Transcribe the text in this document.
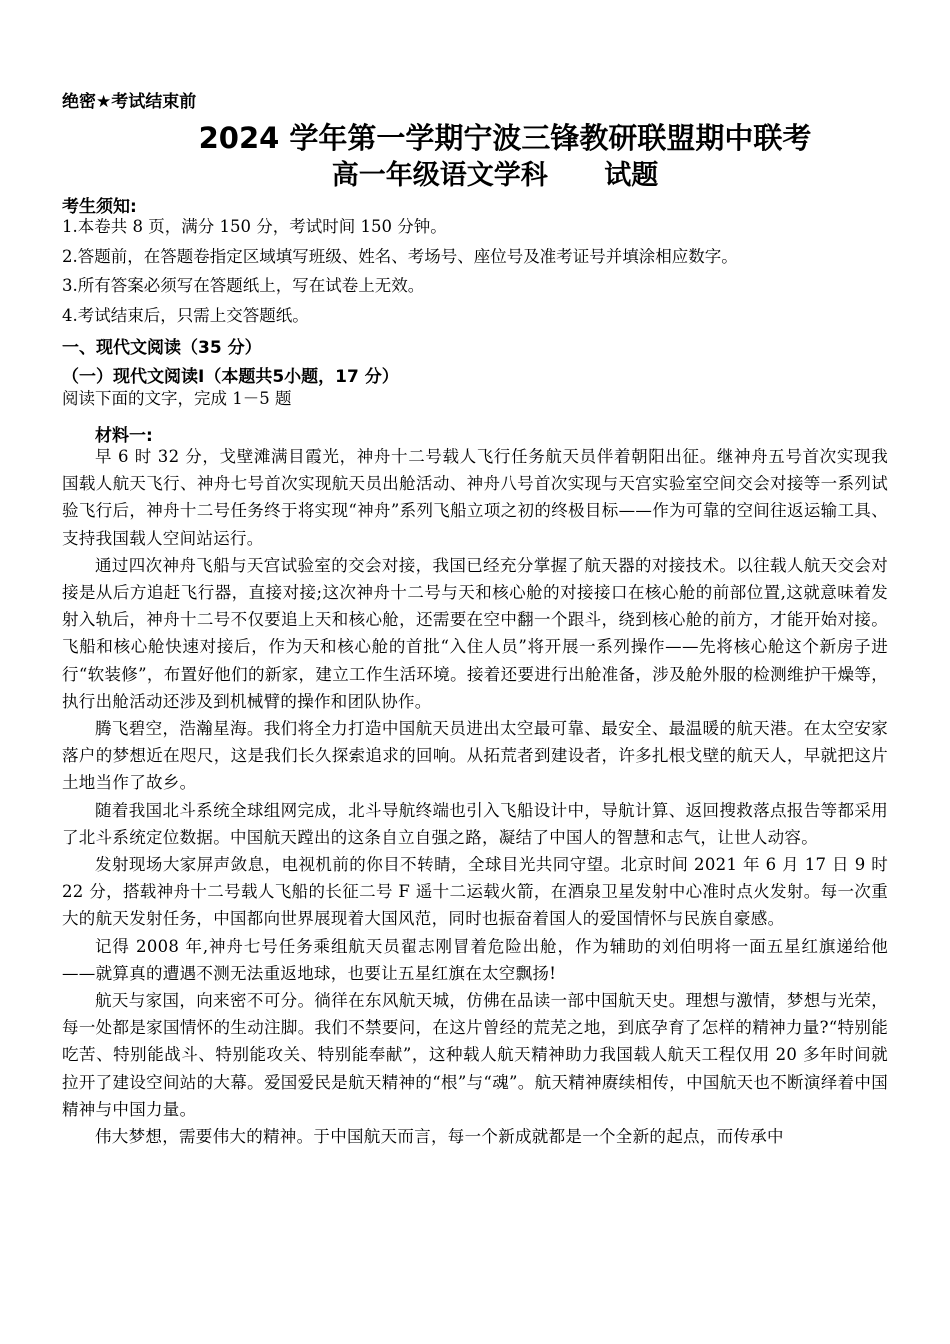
绝密★考试结束前
2024 学年第一学期宁波三锋教研联盟期中联考
高一年级语文学科      试题
考生须知:
1.本卷共 8 页，满分 150 分，考试时间 150 分钟。
2.答题前，在答题卷指定区域填写班级、姓名、考场号、座位号及准考证号并填涂相应数字。
3.所有答案必须写在答题纸上，写在试卷上无效。
4.考试结束后，只需上交答题纸。
一、现代文阅读（35 分）
（一）现代文阅读Ⅰ（本题共5小题，17 分）
阅读下面的文字，完成 1－5 题
材料一:

早 6 时 32 分，戈壁滩满目霞光，神舟十二号载人飞行任务航天员伴着朝阳出征。继神舟五号首次实现我国载人航天飞行、神舟七号首次实现航天员出舱活动、神舟八号首次实现与天宫实验室空间交会对接等一系列试验飞行后，神舟十二号任务终于将实现“神舟”系列飞船立项之初的终极目标——作为可靠的空间往返运输工具、支持我国载人空间站运行。

通过四次神舟飞船与天宫试验室的交会对接，我国已经充分掌握了航天器的对接技术。以往载人航天交会对接是从后方追赶飞行器，直接对接;这次神舟十二号与天和核心舱的对接接口在核心舱的前部位置,这就意味着发射入轨后，神舟十二号不仅要追上天和核心舱，还需要在空中翻一个跟斗，绕到核心舱的前方，才能开始对接。飞船和核心舱快速对接后，作为天和核心舱的首批“入住人员”将开展一系列操作——先将核心舱这个新房子进行“软装修”，布置好他们的新家，建立工作生活环境。接着还要进行出舱准备，涉及舱外服的检测维护干燥等，执行出舱活动还涉及到机械臂的操作和团队协作。

腾飞碧空，浩瀚星海。我们将全力打造中国航天员进出太空最可靠、最安全、最温暖的航天港。在太空安家落户的梦想近在咫尺，这是我们长久探索追求的回响。从拓荒者到建设者，许多扎根戈壁的航天人，早就把这片土地当作了故乡。

随着我国北斗系统全球组网完成，北斗导航终端也引入飞船设计中，导航计算、返回搜救落点报告等都采用了北斗系统定位数据。中国航天蹚出的这条自立自强之路，凝结了中国人的智慧和志气，让世人动容。

发射现场大家屏声敛息，电视机前的你目不转睛，全球目光共同守望。北京时间 2021 年 6 月 17 日 9 时 22 分，搭载神舟十二号载人飞船的长征二号 F 遥十二运载火箭，在酒泉卫星发射中心准时点火发射。每一次重大的航天发射任务，中国都向世界展现着大国风范，同时也振奋着国人的爱国情怀与民族自豪感。

记得 2008 年,神舟七号任务乘组航天员翟志刚冒着危险出舱，作为辅助的刘伯明将一面五星红旗递给他——就算真的遭遇不测无法重返地球，也要让五星红旗在太空飘扬!

航天与家国，向来密不可分。徜徉在东风航天城，仿佛在品读一部中国航天史。理想与激情，梦想与光荣，每一处都是家国情怀的生动注脚。我们不禁要问，在这片曾经的荒芜之地，到底孕育了怎样的精神力量?“特别能吃苦、特别能战斗、特别能攻关、特别能奉献”，这种载人航天精神助力我国载人航天工程仅用 20 多年时间就拉开了建设空间站的大幕。爱国爱民是航天精神的“根”与“魂”。航天精神赓续相传，中国航天也不断演绎着中国精神与中国力量。

伟大梦想，需要伟大的精神。于中国航天而言，每一个新成就都是一个全新的起点，而传承中
